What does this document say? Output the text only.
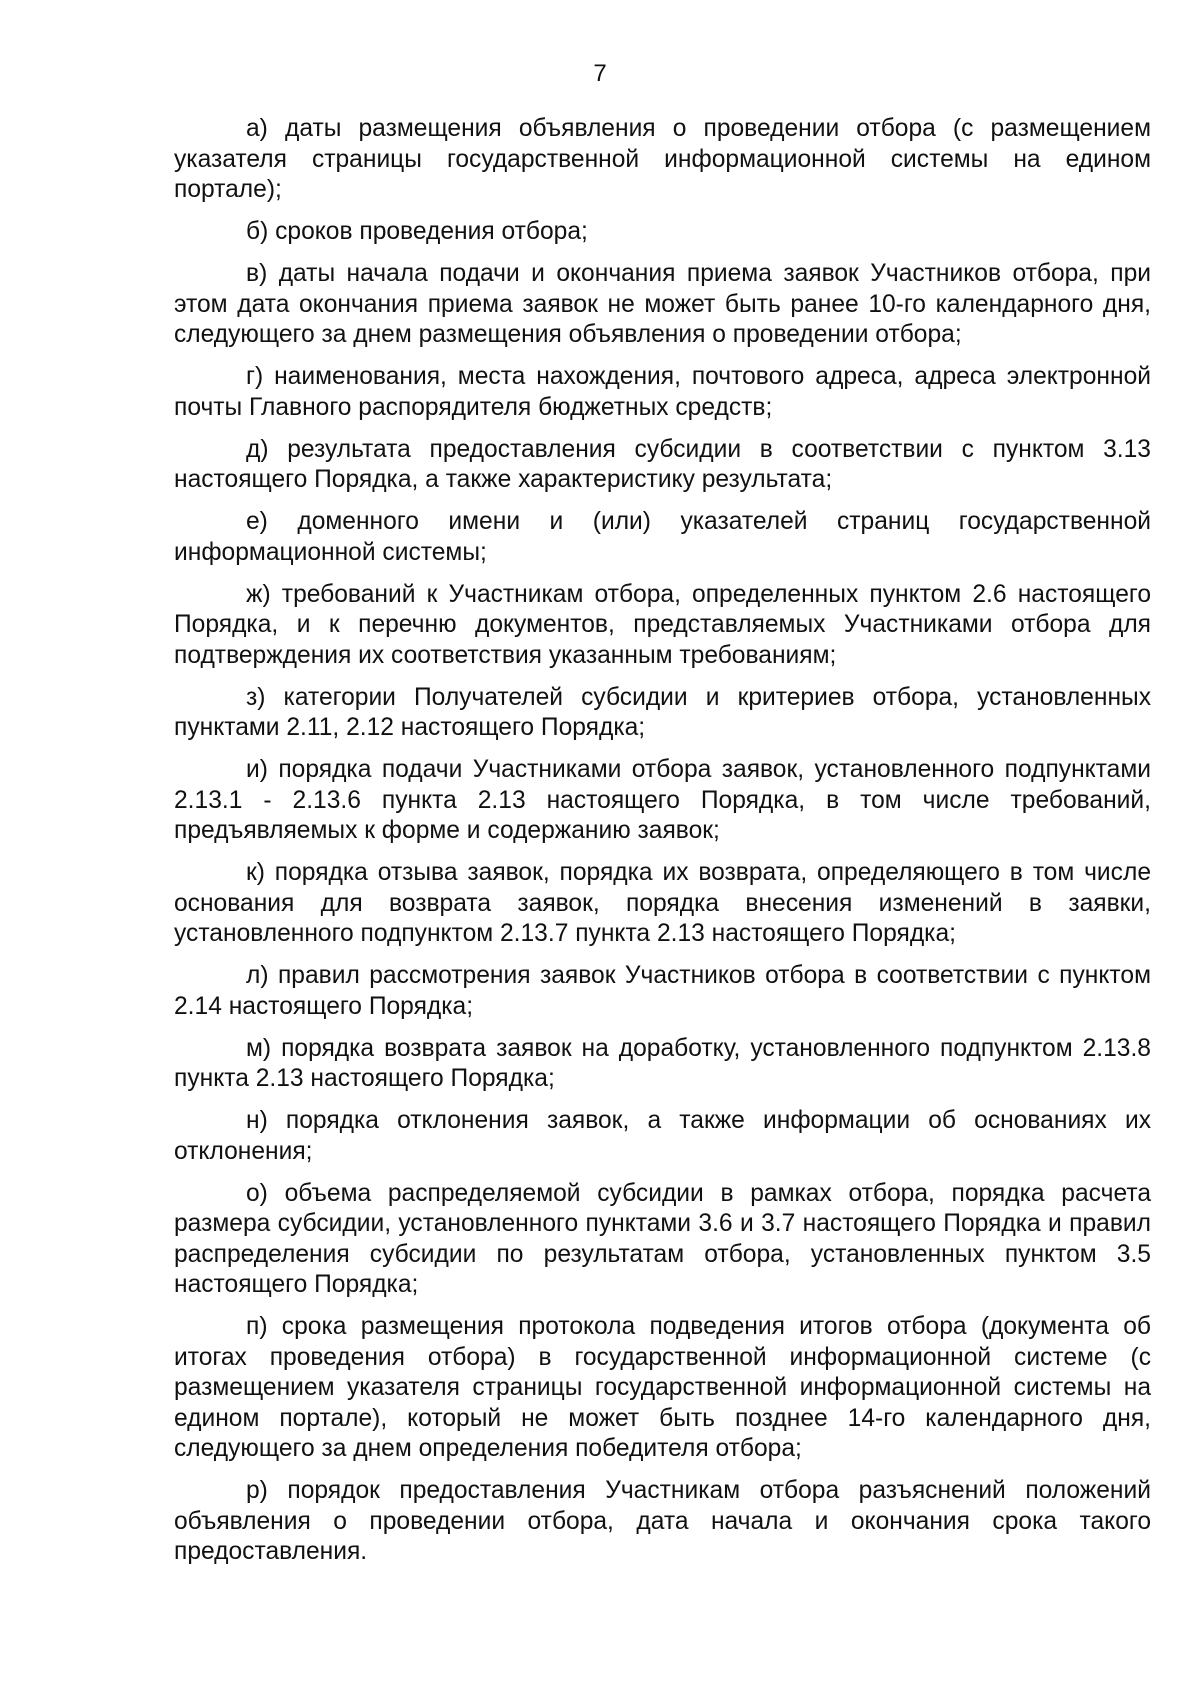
7

а) даты размещения объявления о проведении отбора (с размещением указателя страницы государственной информационной системы на едином портале);

б) сроков проведения отбора;

в) даты начала подачи и окончания приема заявок Участников отбора, при этом дата окончания приема заявок не может быть ранее 10-го календарного дня, следующего за днем размещения объявления о проведении отбора;

г) наименования, места нахождения, почтового адреса, адреса электронной почты Главного распорядителя бюджетных средств;

д) результата предоставления субсидии в соответствии с пунктом 3.13 настоящего Порядка, а также характеристику результата;

е) доменного имени и (или) указателей страниц государственной информационной системы;

ж) требований к Участникам отбора, определенных пунктом 2.6 настоящего Порядка, и к перечню документов, представляемых Участниками отбора для подтверждения их соответствия указанным требованиям;

з) категории Получателей субсидии и критериев отбора, установленных пунктами 2.11, 2.12 настоящего Порядка;

и) порядка подачи Участниками отбора заявок, установленного подпунктами 2.13.1 - 2.13.6 пункта 2.13 настоящего Порядка, в том числе требований, предъявляемых к форме и содержанию заявок;

к) порядка отзыва заявок, порядка их возврата, определяющего в том числе основания для возврата заявок, порядка внесения изменений в заявки, установленного подпунктом 2.13.7 пункта 2.13 настоящего Порядка;

л) правил рассмотрения заявок Участников отбора в соответствии с пунктом 2.14 настоящего Порядка;

м) порядка возврата заявок на доработку, установленного подпунктом 2.13.8 пункта 2.13 настоящего Порядка;

н) порядка отклонения заявок, а также информации об основаниях их отклонения;

о) объема распределяемой субсидии в рамках отбора, порядка расчета размера субсидии, установленного пунктами 3.6 и 3.7 настоящего Порядка и правил распределения субсидии по результатам отбора, установленных пунктом 3.5 настоящего Порядка;

п) срока размещения протокола подведения итогов отбора (документа об итогах проведения отбора) в государственной информационной системе (с размещением указателя страницы государственной информационной системы на едином портале), который не может быть позднее 14-го календарного дня, следующего за днем определения победителя отбора;

р) порядок предоставления Участникам отбора разъяснений положений объявления о проведении отбора, дата начала и окончания срока такого предоставления.
